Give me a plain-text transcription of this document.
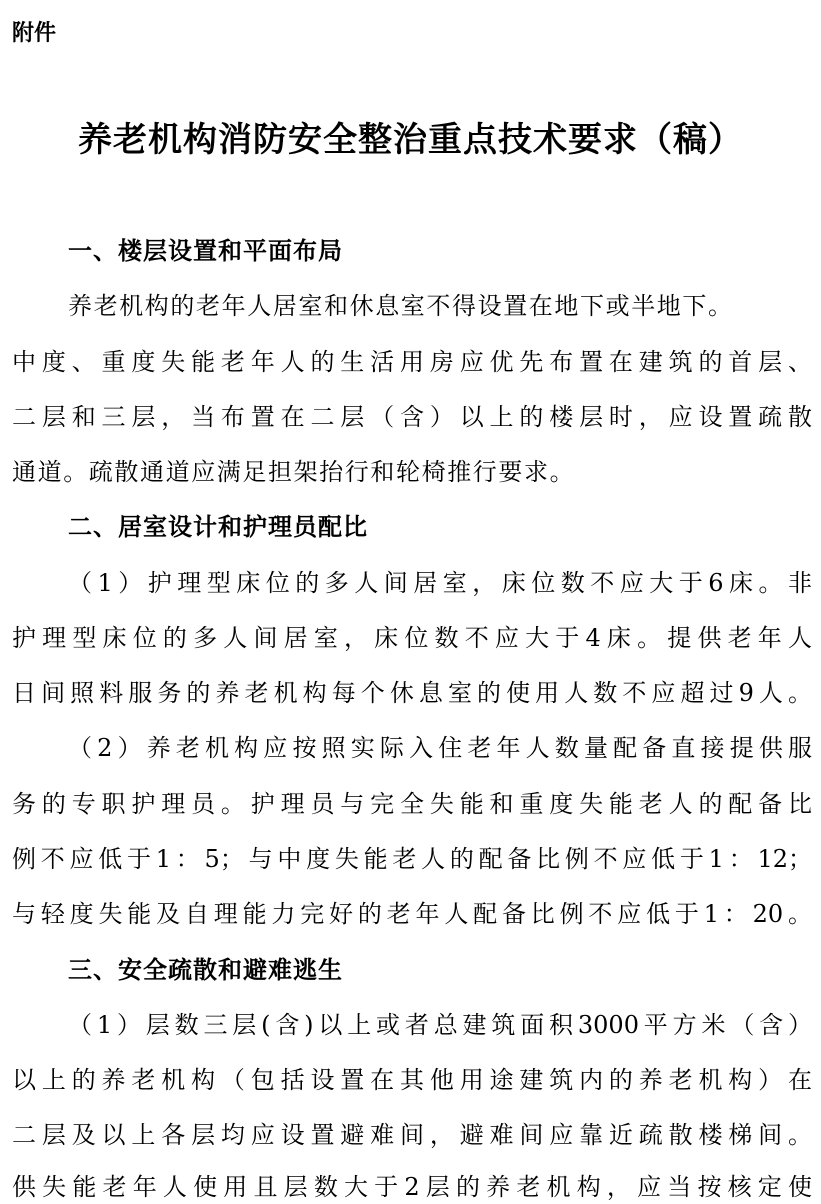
附件
养老机构消防安全整治重点技术要求（稿）
一、楼层设置和平面布局
养老机构的老年人居室和休息室不得设置在地下或半地下。
中度、重度失能老年人的生活用房应优先布置在建筑的首层、
二层和三层，当布置在二层（含）以上的楼层时，应设置疏散
通道。疏散通道应满足担架抬行和轮椅推行要求。
二、居室设计和护理员配比
（1）护理型床位的多人间居室，床位数不应大于6床。非
护理型床位的多人间居室，床位数不应大于4床。提供老年人
日间照料服务的养老机构每个休息室的使用人数不应超过9人。
（2）养老机构应按照实际入住老年人数量配备直接提供服
务的专职护理员。护理员与完全失能和重度失能老人的配备比
例不应低于1：5；与中度失能老人的配备比例不应低于1：12；
与轻度失能及自理能力完好的老年人配备比例不应低于1：20。
三、安全疏散和避难逃生
（1）层数三层(含)以上或者总建筑面积3000平方米（含）
以上的养老机构（包括设置在其他用途建筑内的养老机构）在
二层及以上各层均应设置避难间，避难间应靠近疏散楼梯间。
供失能老年人使用且层数大于2层的养老机构，应当按核定使
